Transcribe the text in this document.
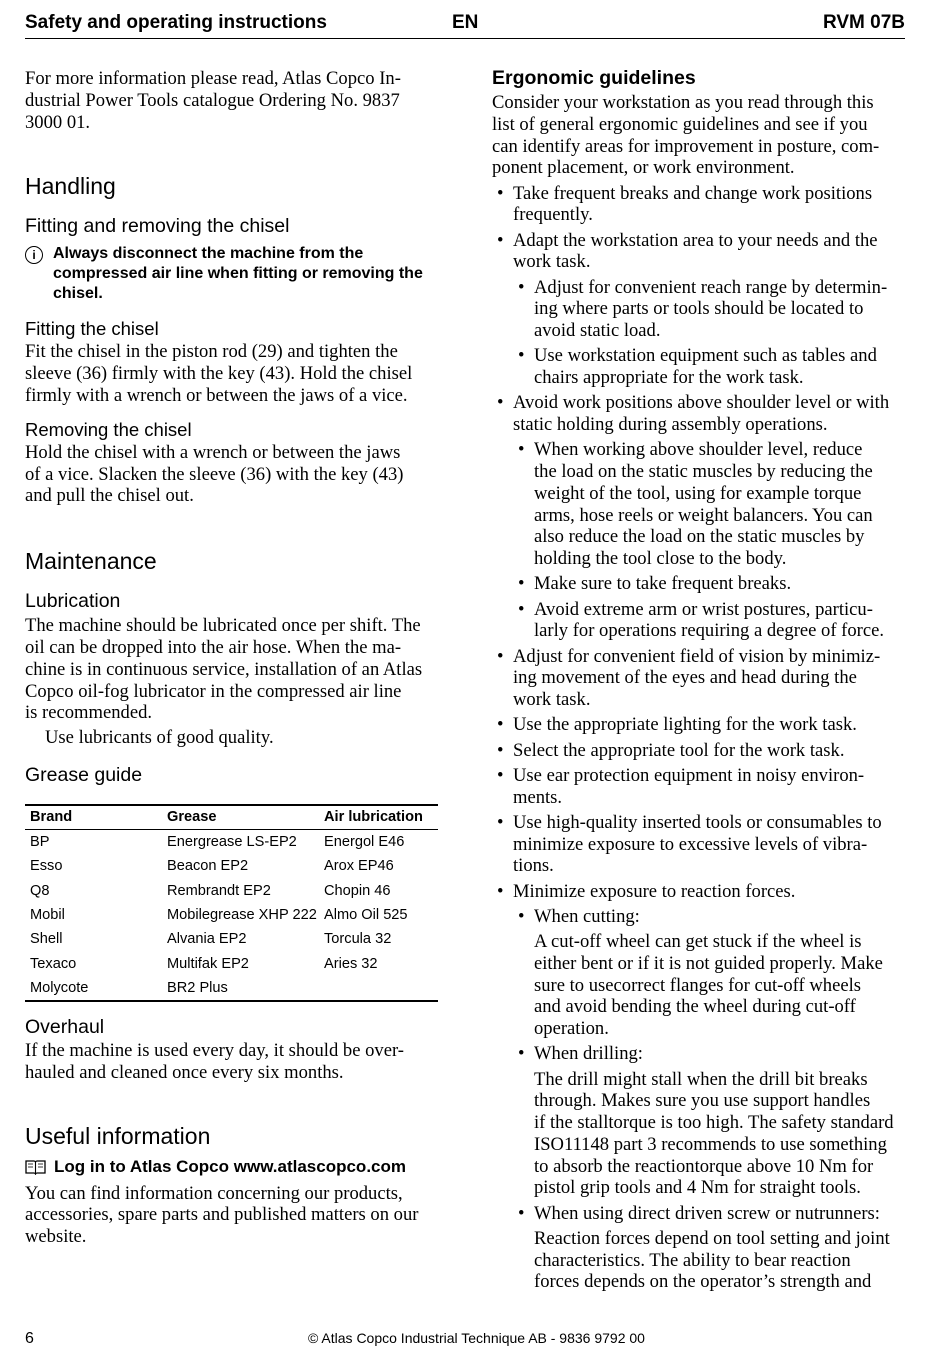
Safety and operating instructions	EN	RVM 07B

For more information please read, Atlas Copco In-
dustrial Power Tools catalogue Ordering No. 9837
3000 01.

Handling
Fitting and removing the chisel
i	Always disconnect the machine from the compressed air line when fitting or removing the chisel.
Fitting the chisel

Fit the chisel in the piston rod (29) and tighten the
sleeve (36) firmly with the key (43). Hold the chisel
firmly with a wrench or between the jaws of a vice.

Removing the chisel

Hold the chisel with a wrench or between the jaws
of a vice. Slacken the sleeve (36) with the key (43)
and pull the chisel out.

Maintenance
Lubrication

The machine should be lubricated once per shift. The
oil can be dropped into the air hose. When the ma-
chine is in continuous service, installation of an Atlas
Copco oil-fog lubricator in the compressed air line
is recommended.

Use lubricants of good quality.

Grease guide
Brand	Grease	Air lubrication
BP	Energrease LS-EP2	Energol E46
Esso	Beacon EP2	Arox EP46
Q8	Rembrandt EP2	Chopin 46
Mobil	Mobilegrease XHP 222	Almo Oil 525
Shell	Alvania EP2	Torcula 32
Texaco	Multifak EP2	Aries 32
Molycote	BR2 Plus	
Overhaul

If the machine is used every day, it should be over-
hauled and cleaned once every six months.

Useful information
Log in to Atlas Copco www.atlascopco.com

You can find information concerning our products,
accessories, spare parts and published matters on our
website.

Ergonomic guidelines

Consider your workstation as you read through this
list of general ergonomic guidelines and see if you
can identify areas for improvement in posture, com-
ponent placement, or work environment.

• Take frequent breaks and change work positions
frequently.
• Adapt the workstation area to your needs and the
work task.
• Adjust for convenient reach range by determin-
ing where parts or tools should be located to
avoid static load.
• Use workstation equipment such as tables and
chairs appropriate for the work task.
• Avoid work positions above shoulder level or with
static holding during assembly operations.
• When working above shoulder level, reduce
the load on the static muscles by reducing the
weight of the tool, using for example torque
arms, hose reels or weight balancers. You can
also reduce the load on the static muscles by
holding the tool close to the body.
• Make sure to take frequent breaks.
• Avoid extreme arm or wrist postures, particu-
larly for operations requiring a degree of force.
• Adjust for convenient field of vision by minimiz-
ing movement of the eyes and head during the
work task.
• Use the appropriate lighting for the work task.
• Select the appropriate tool for the work task.
• Use ear protection equipment in noisy environ-
ments.
• Use high-quality inserted tools or consumables to
minimize exposure to excessive levels of vibra-
tions.
• Minimize exposure to reaction forces.
• When cutting:
A cut-off wheel can get stuck if the wheel is
either bent or if it is not guided properly. Make
sure to usecorrect flanges for cut-off wheels
and avoid bending the wheel during cut-off
operation.
• When drilling:
The drill might stall when the drill bit breaks
through. Makes sure you use support handles
if the stalltorque is too high. The safety standard
ISO11148 part 3 recommends to use something
to absorb the reactiontorque above 10 Nm for
pistol grip tools and 4 Nm for straight tools.
• When using direct driven screw or nutrunners:
Reaction forces depend on tool setting and joint
characteristics. The ability to bear reaction
forces depends on the operator’s strength and
6	© Atlas Copco Industrial Technique AB - 9836 9792 00
